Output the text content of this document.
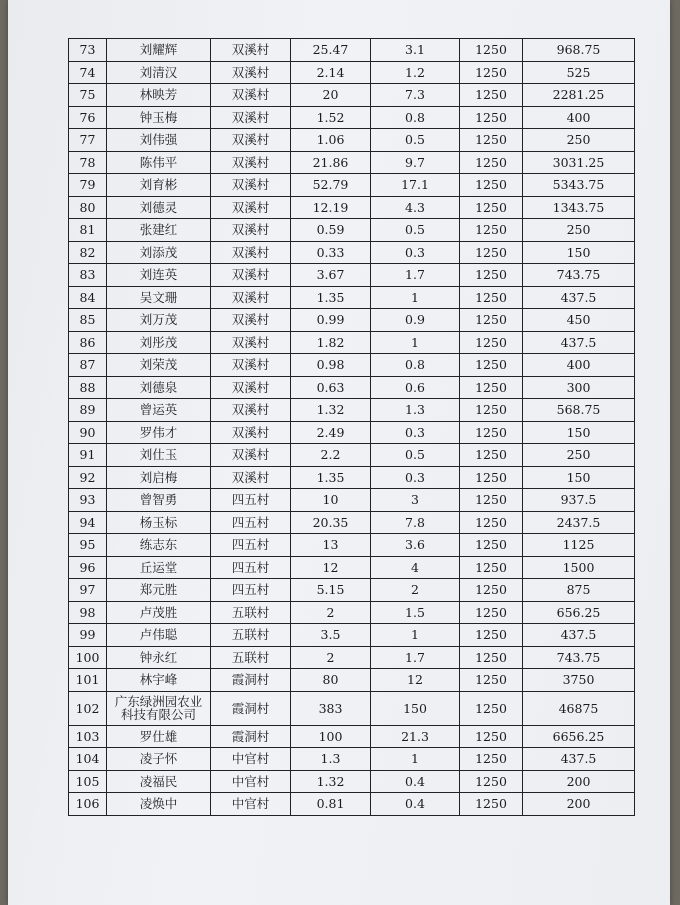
73	刘耀辉	双溪村	25.47	3.1	1250	968.75
74	刘清汉	双溪村	2.14	1.2	1250	525
75	林映芳	双溪村	20	7.3	1250	2281.25
76	钟玉梅	双溪村	1.52	0.8	1250	400
77	刘伟强	双溪村	1.06	0.5	1250	250
78	陈伟平	双溪村	21.86	9.7	1250	3031.25
79	刘育彬	双溪村	52.79	17.1	1250	5343.75
80	刘德灵	双溪村	12.19	4.3	1250	1343.75
81	张建红	双溪村	0.59	0.5	1250	250
82	刘添茂	双溪村	0.33	0.3	1250	150
83	刘连英	双溪村	3.67	1.7	1250	743.75
84	吴文珊	双溪村	1.35	1	1250	437.5
85	刘万茂	双溪村	0.99	0.9	1250	450
86	刘彤茂	双溪村	1.82	1	1250	437.5
87	刘荣茂	双溪村	0.98	0.8	1250	400
88	刘德泉	双溪村	0.63	0.6	1250	300
89	曾运英	双溪村	1.32	1.3	1250	568.75
90	罗伟才	双溪村	2.49	0.3	1250	150
91	刘仕玉	双溪村	2.2	0.5	1250	250
92	刘启梅	双溪村	1.35	0.3	1250	150
93	曾智勇	四五村	10	3	1250	937.5
94	杨玉标	四五村	20.35	7.8	1250	2437.5
95	练志东	四五村	13	3.6	1250	1125
96	丘运堂	四五村	12	4	1250	1500
97	郑元胜	四五村	5.15	2	1250	875
98	卢茂胜	五联村	2	1.5	1250	656.25
99	卢伟聪	五联村	3.5	1	1250	437.5
100	钟永红	五联村	2	1.7	1250	743.75
101	林宇峰	霞洞村	80	12	1250	3750
102	广东绿洲园农业科技有限公司	霞洞村	383	150	1250	46875
103	罗仕雄	霞洞村	100	21.3	1250	6656.25
104	凌子怀	中官村	1.3	1	1250	437.5
105	凌福民	中官村	1.32	0.4	1250	200
106	凌焕中	中官村	0.81	0.4	1250	200
